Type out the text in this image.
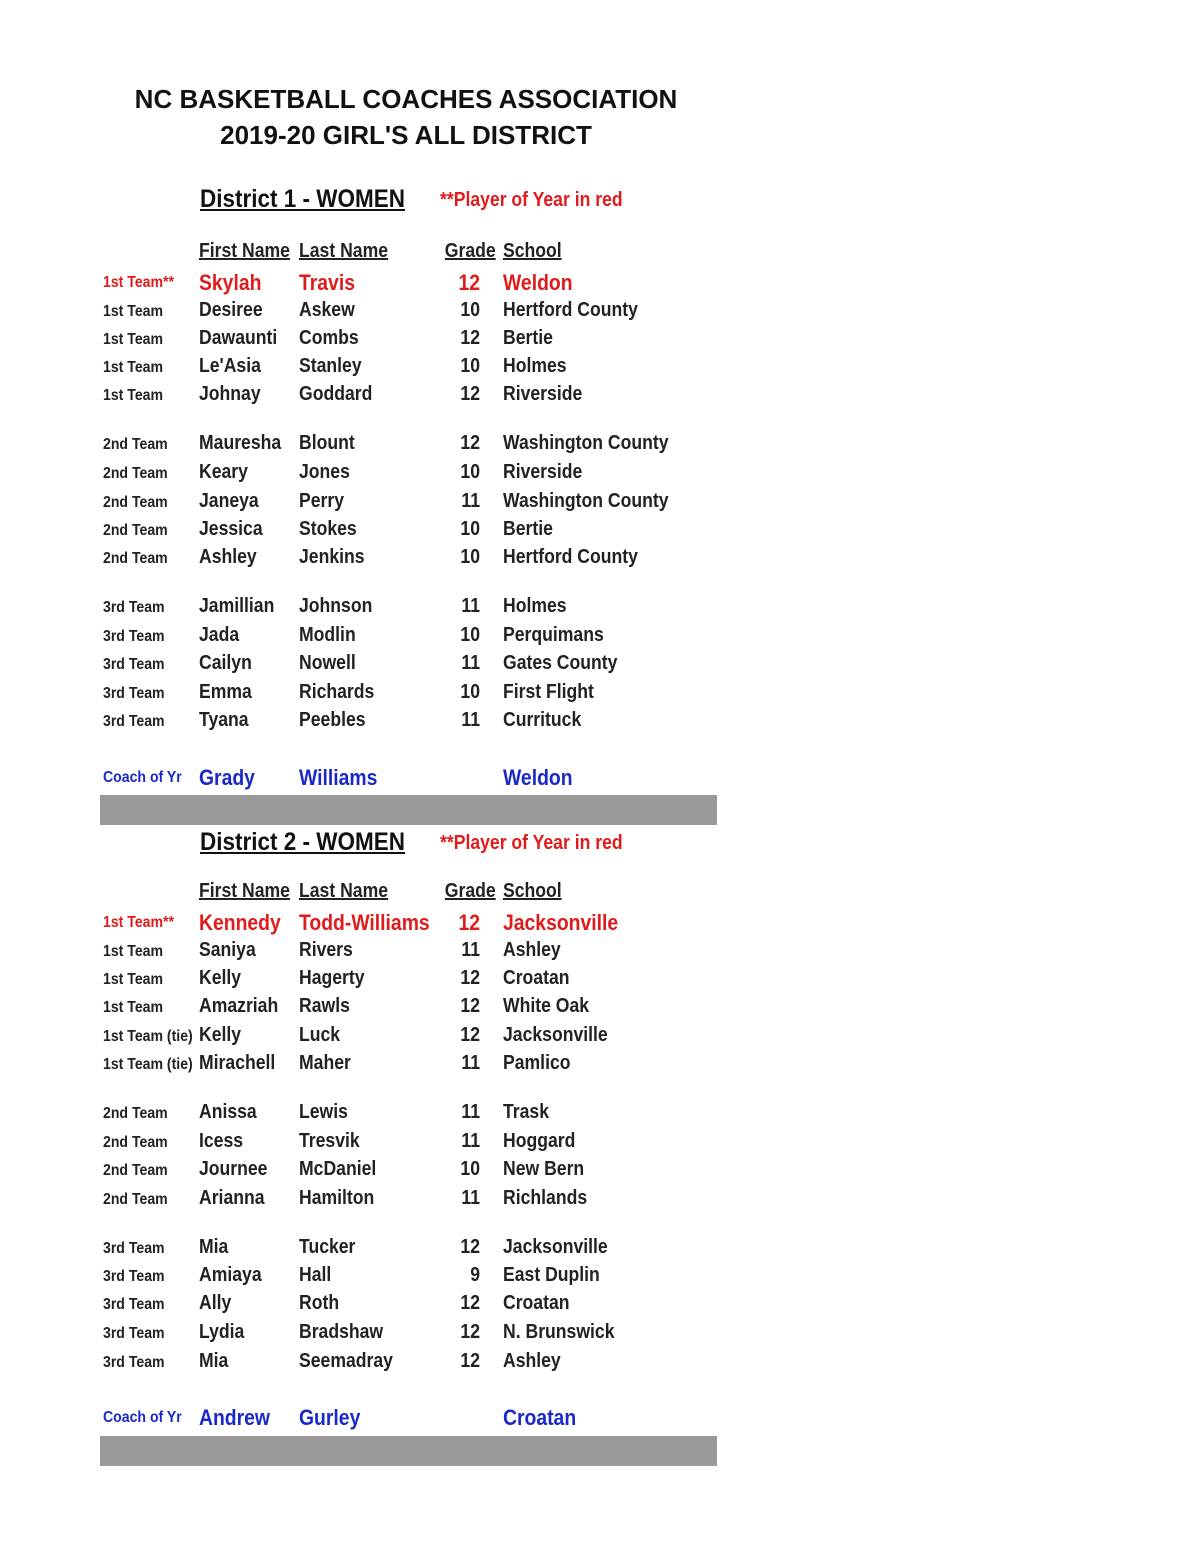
NC BASKETBALL COACHES ASSOCIATION
2019-20 GIRL'S ALL DISTRICT
District 1 - WOMEN **Player of Year in red
First Name Last Name	Grade School
1st Team** Skylah Travis	12 Weldon
1st Team Desiree Askew	10 Hertford County
1st Team Dawaunti Combs	12 Bertie
1st Team Le'Asia Stanley	10 Holmes
1st Team Johnay Goddard	12 Riverside
2nd Team Mauresha Blount	12 Washington County
2nd Team Keary	Jones	10 Riverside
2nd Team Janeya Perry	11 Washington County
2nd Team Jessica Stokes	10 Bertie
2nd Team Ashley Jenkins	10 Hertford County
3rd Team Jamillian Johnson	11 Holmes
3rd Team Jada	Modlin	10 Perquimans
3rd Team Cailyn Nowell	11 Gates County
3rd Team Emma Richards	10 First Flight
3rd Team Tyana	Peebles	11 Currituck
Coach of Yr Grady Williams	Weldon
District 2 - WOMEN **Player of Year in red
First Name Last Name	Grade School
1st Team** Kennedy Todd-Williams	12 Jacksonville
1st Team Saniya Rivers	11 Ashley
1st Team Kelly	Hagerty	12 Croatan
1st Team Amazriah Rawls	12 White Oak
1st Team (tie) Kelly	Luck	12 Jacksonville
1st Team (tie) Mirachell Maher	11 Pamlico
2nd Team Anissa Lewis	11 Trask
2nd Team Icess	Tresvik	11 Hoggard
2nd Team Journee McDaniel	10 New Bern
2nd Team Arianna Hamilton	11 Richlands
3rd Team Mia	Tucker	12 Jacksonville
3rd Team Amiaya Hall	9 East Duplin
3rd Team Ally	Roth	12 Croatan
3rd Team Lydia	Bradshaw	12 N. Brunswick
3rd Team Mia	Seemadray	12 Ashley
Coach of Yr Andrew Gurley	Croatan
